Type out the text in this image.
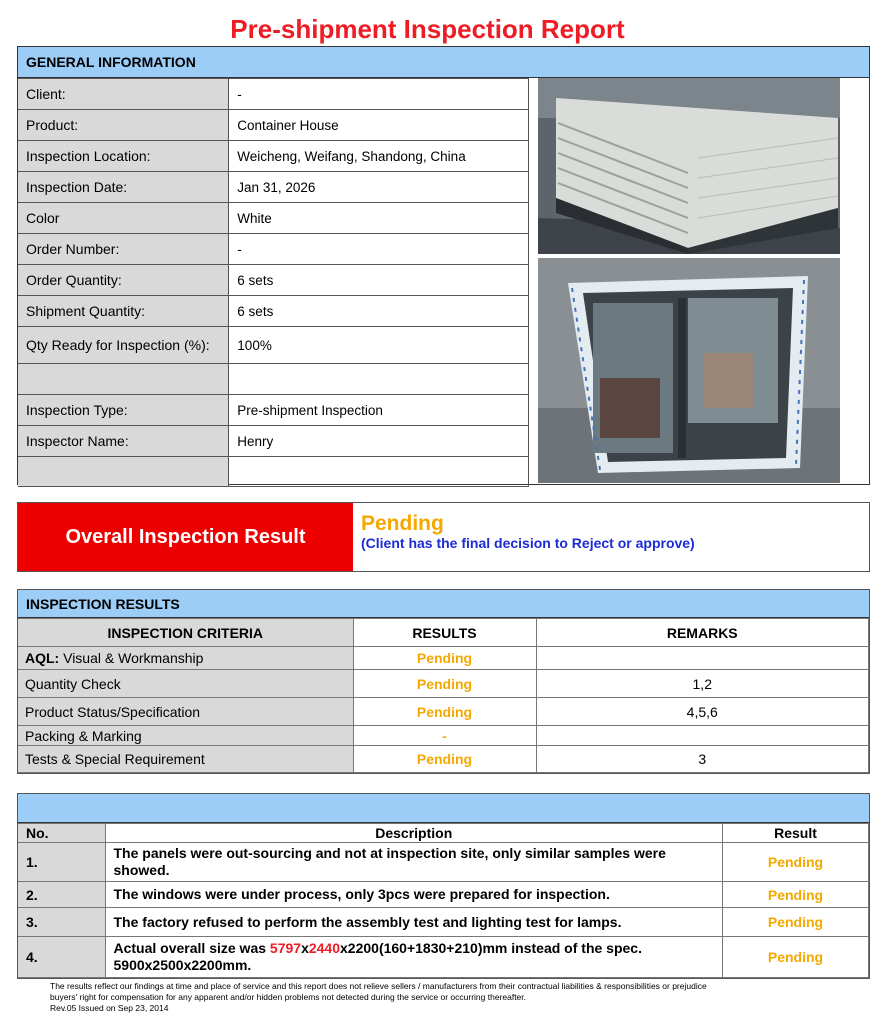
Pre-shipment Inspection Report
GENERAL INFORMATION
Client:	-
Product:	Container House
Inspection Location:	Weicheng, Weifang, Shandong, China
Inspection Date:	Jan 31, 2026
Color	White
Order Number:	-
Order Quantity:	6 sets
Shipment Quantity:	6 sets
Qty Ready for Inspection (%):	100%

Inspection Type:	Pre-shipment Inspection
Inspector Name:	Henry

Overall Inspection Result
Pending
(Client has the final decision to Reject or approve)
INSPECTION RESULTS
INSPECTION CRITERIA	RESULTS	REMARKS
AQL: Visual & Workmanship	Pending	
Quantity Check	Pending	1,2
Product Status/Specification	Pending	4,5,6
Packing & Marking	-	
Tests & Special Requirement	Pending	3
No.	Description	Result
1.	The panels were out-sourcing and not at inspection site, only similar samples were showed.	Pending
2.	The windows were under process, only 3pcs were prepared for inspection.	Pending
3.	The factory refused to perform the assembly test and lighting test for lamps.	Pending
4.	Actual overall size was 5797x2440x2200(160+1830+210)mm instead of the spec. 5900x2500x2200mm.	Pending
The results reflect our findings at time and place of service and this report does not relieve sellers / manufacturers from their contractual liabilities & responsibilities or prejudice
buyers' right for compensation for any apparent and/or hidden problems not detected during the service or occurring thereafter.
Rev.05 Issued on Sep 23, 2014
